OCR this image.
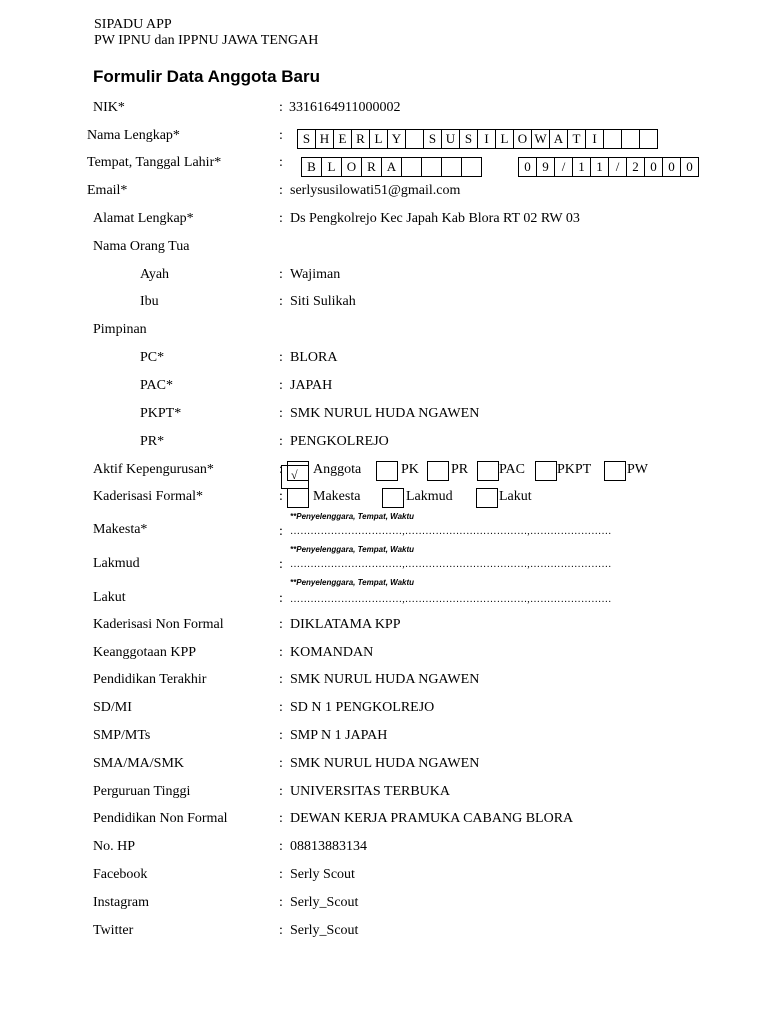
SIPADU APP
PW IPNU dan IPPNU JAWA TENGAH
Formulir Data Anggota Baru
NIK*	: 3316164911000002
Nama Lengkap*	:	S H E R L Y	S U S I L O W A T I
Tempat, Tanggal Lahir*	:	B L O R A	0 9 / 1 1 / 2 0 0 0
Email*	: serlysusilowati51@gmail.com
Alamat Lengkap*	: Ds Pengkolrejo Kec Japah Kab Blora RT 02 RW 03
Nama Orang Tua
Ayah	: Wajiman
Ibu	: Siti Sulikah
Pimpinan
PC*	: BLORA
PAC*	: JAPAH
PKPT*	: SMK NURUL HUDA NGAWEN
PR*	: PENGKOLREJO
Aktif Kepengurusan*	: √ Anggota	PK PR PAC PKPT	PW
Kaderisasi Formal*	: Makesta	Lakmud	Lakut
**Penyelenggara, Tempat, Waktu
Makesta*	: ……………………………,………………………………,……………………
**Penyelenggara, Tempat, Waktu
Lakmud	: ……………………………,………………………………,……………………
**Penyelenggara, Tempat, Waktu
Lakut	: ……………………………,………………………………,……………………
Kaderisasi Non Formal	: DIKLATAMA KPP
Keanggotaan KPP	: KOMANDAN
Pendidikan Terakhir	: SMK NURUL HUDA NGAWEN
SD/MI	: SD N 1 PENGKOLREJO
SMP/MTs	: SMP N 1 JAPAH
SMA/MA/SMK	: SMK NURUL HUDA NGAWEN
Perguruan Tinggi	: UNIVERSITAS TERBUKA
Pendidikan Non Formal	: DEWAN KERJA PRAMUKA CABANG BLORA
No. HP	: 08813883134
Facebook	: Serly Scout
Instagram	: Serly_Scout
Twitter	: Serly_Scout
